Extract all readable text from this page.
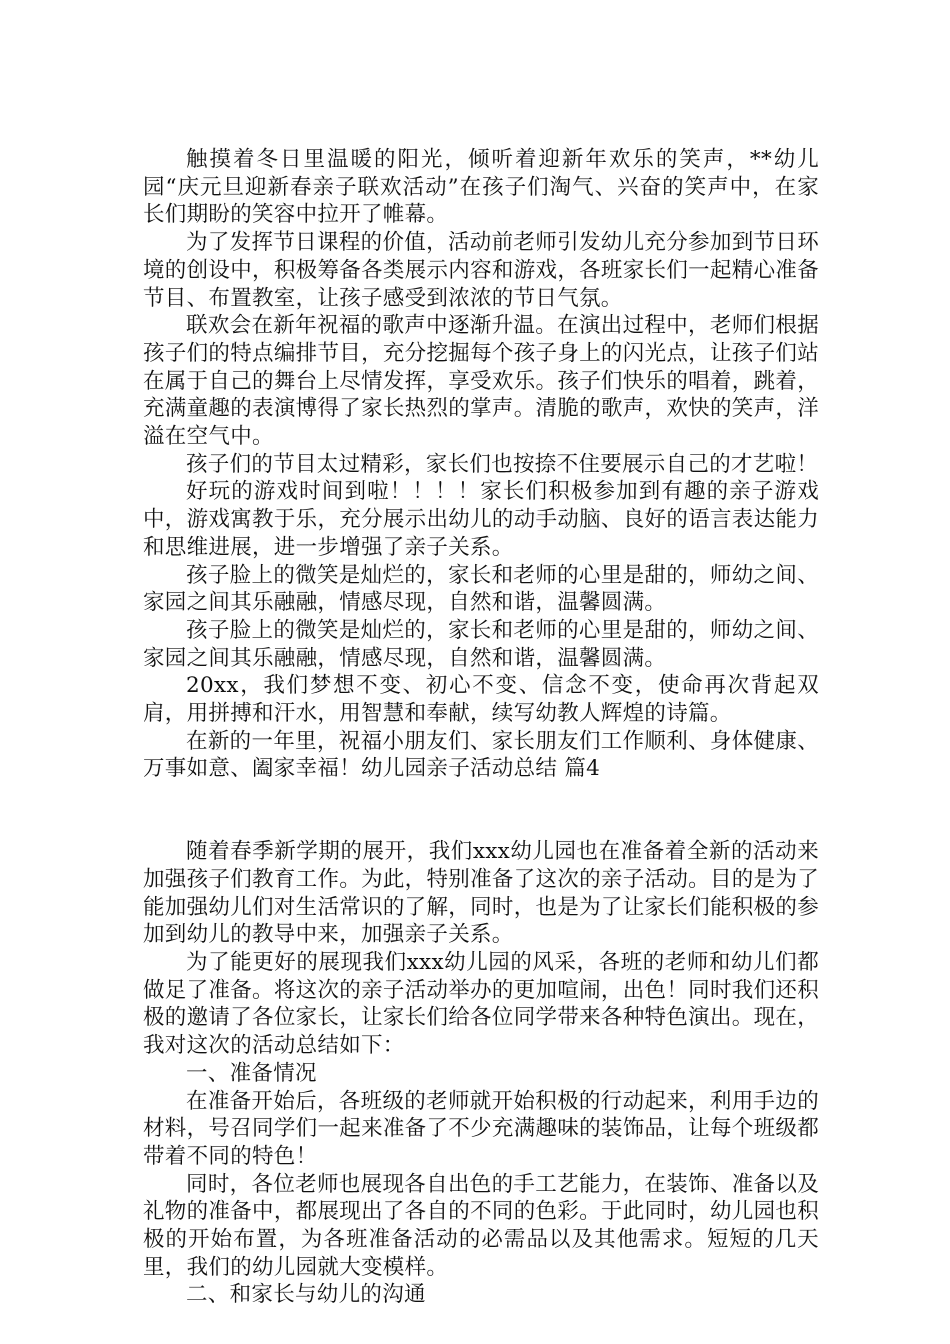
触摸着冬日里温暖的阳光，倾听着迎新年欢乐的笑声，**幼儿园“庆元旦迎新春亲子联欢活动”在孩子们淘气、兴奋的笑声中，在家长们期盼的笑容中拉开了帷幕。

为了发挥节日课程的价值，活动前老师引发幼儿充分参加到节日环境的创设中，积极筹备各类展示内容和游戏，各班家长们一起精心准备节目、布置教室，让孩子感受到浓浓的节日气氛。

联欢会在新年祝福的歌声中逐渐升温。在演出过程中，老师们根据孩子们的特点编排节目，充分挖掘每个孩子身上的闪光点，让孩子们站在属于自己的舞台上尽情发挥，享受欢乐。孩子们快乐的唱着，跳着，充满童趣的表演博得了家长热烈的掌声。清脆的歌声，欢快的笑声，洋溢在空气中。

孩子们的节目太过精彩，家长们也按捺不住要展示自己的才艺啦！

好玩的游戏时间到啦！！！！家长们积极参加到有趣的亲子游戏中，游戏寓教于乐，充分展示出幼儿的动手动脑、良好的语言表达能力和思维进展，进一步增强了亲子关系。

孩子脸上的微笑是灿烂的，家长和老师的心里是甜的，师幼之间、家园之间其乐融融，情感尽现，自然和谐，温馨圆满。

孩子脸上的微笑是灿烂的，家长和老师的心里是甜的，师幼之间、家园之间其乐融融，情感尽现，自然和谐，温馨圆满。

20xx，我们梦想不变、初心不变、信念不变，使命再次背起双肩，用拼搏和汗水，用智慧和奉献，续写幼教人辉煌的诗篇。

在新的一年里，祝福小朋友们、家长朋友们工作顺利、身体健康、万事如意、阖家幸福！幼儿园亲子活动总结 篇4

随着春季新学期的展开，我们xxx幼儿园也在准备着全新的活动来加强孩子们教育工作。为此，特别准备了这次的亲子活动。目的是为了能加强幼儿们对生活常识的了解，同时，也是为了让家长们能积极的参加到幼儿的教导中来，加强亲子关系。

为了能更好的展现我们xxx幼儿园的风采，各班的老师和幼儿们都做足了准备。将这次的亲子活动举办的更加喧闹，出色！同时我们还积极的邀请了各位家长，让家长们给各位同学带来各种特色演出。现在，我对这次的活动总结如下：

一、准备情况

在准备开始后，各班级的老师就开始积极的行动起来，利用手边的材料，号召同学们一起来准备了不少充满趣味的装饰品，让每个班级都带着不同的特色！

同时，各位老师也展现各自出色的手工艺能力，在装饰、准备以及礼物的准备中，都展现出了各自的不同的色彩。于此同时，幼儿园也积极的开始布置，为各班准备活动的必需品以及其他需求。短短的几天里，我们的幼儿园就大变模样。

二、和家长与幼儿的沟通
